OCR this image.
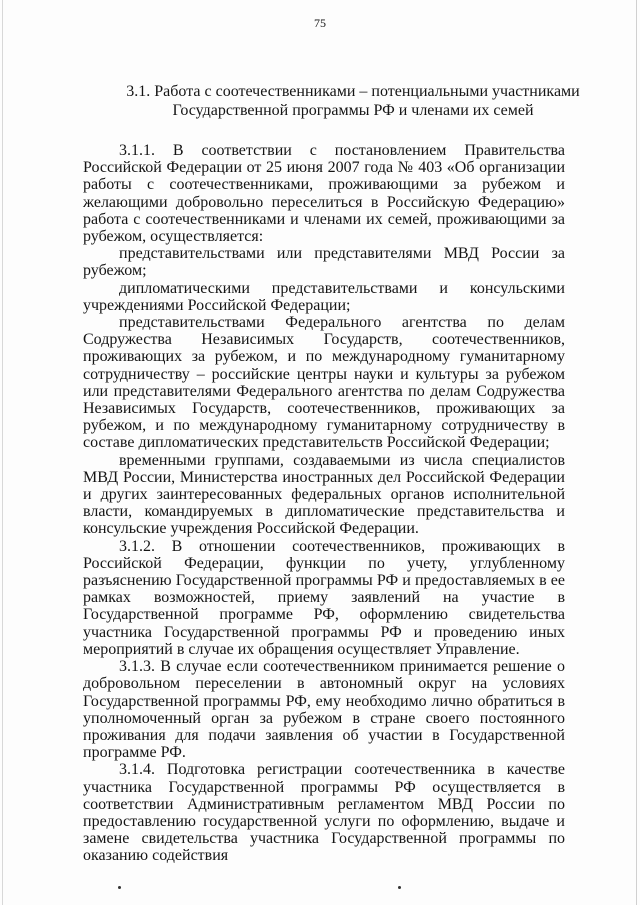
75
3.1. Работа с соотечественниками – потенциальными участниками Государственной программы РФ и членами их семей

3.1.1. В соответствии с постановлением Правительства Российской Федерации от 25 июня 2007 года № 403 «Об организации работы с соотечественниками, проживающими за рубежом и желающими добровольно переселиться в Российскую Федерацию» работа с соотечественниками и членами их семей, проживающими за рубежом, осуществляется:

представительствами или представителями МВД России за рубежом;

дипломатическими представительствами и консульскими учреждениями Российской Федерации;

представительствами Федерального агентства по делам Содружества Независимых Государств, соотечественников, проживающих за рубежом, и по международному гуманитарному сотрудничеству – российские центры науки и культуры за рубежом или представителями Федерального агентства по делам Содружества Независимых Государств, соотечественников, проживающих за рубежом, и по международному гуманитарному сотрудничеству в составе дипломатических представительств Российской Федерации;

временными группами, создаваемыми из числа специалистов МВД России, Министерства иностранных дел Российской Федерации и других заинтересованных федеральных органов исполнительной власти, командируемых в дипломатические представительства и консульские учреждения Российской Федерации.

3.1.2. В отношении соотечественников, проживающих в Российской Федерации, функции по учету, углубленному разъяснению Государственной программы РФ и предоставляемых в ее рамках возможностей, приему заявлений на участие в Государственной программе РФ, оформлению свидетельства участника Государственной программы РФ и проведению иных мероприятий в случае их обращения осуществляет Управление.

3.1.3. В случае если соотечественником принимается решение о добровольном переселении в автономный округ на условиях Государственной программы РФ, ему необходимо лично обратиться в уполномоченный орган за рубежом в стране своего постоянного проживания для подачи заявления об участии в Государственной программе РФ.

3.1.4. Подготовка регистрации соотечественника в качестве участника Государственной программы РФ осуществляется в соответствии Административным регламентом МВД России по предоставлению государственной услуги по оформлению, выдаче и замене свидетельства участника Государственной программы по оказанию содействия
